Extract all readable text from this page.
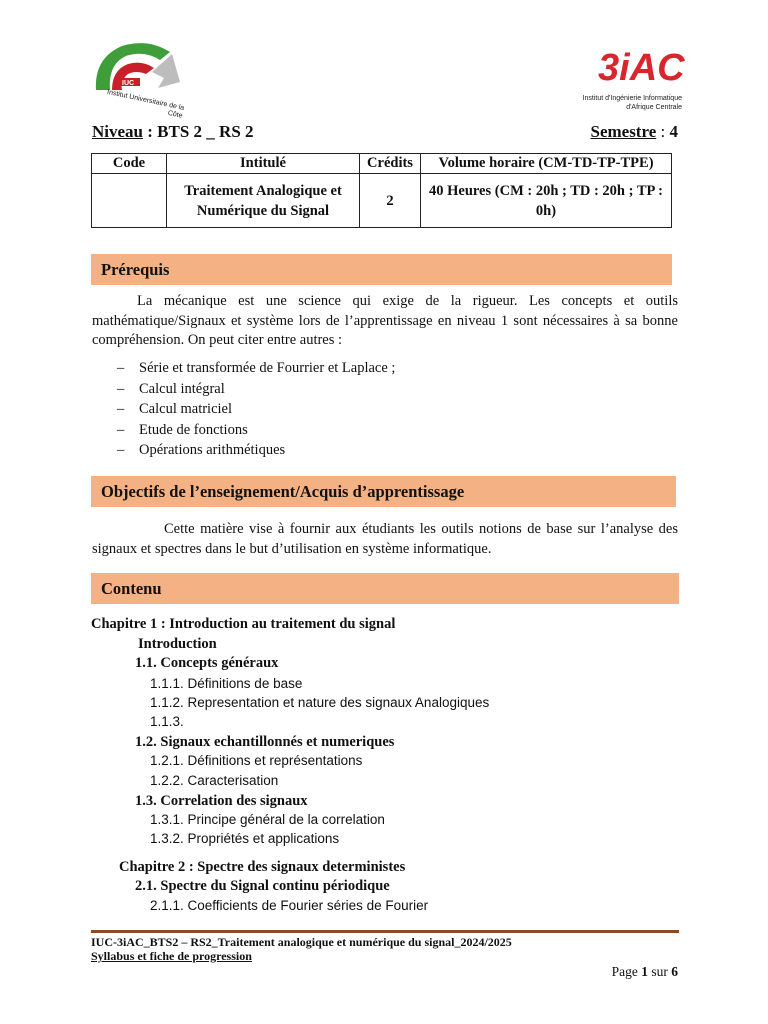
IUC
Institut Universitaire de la Côte
3iAC
Institut d'Ingénierie Informatique
d'Afrique Centrale
Niveau : BTS 2 _ RS 2	Semestre : 4
Code	Intitulé	Crédits	Volume horaire (CM-TD-TP-TPE)
	Traitement Analogique et Numérique du Signal	2	40 Heures (CM : 20h ; TD : 20h ; TP : 0h)
Prérequis
La mécanique est une science qui exige de la rigueur. Les concepts et outils mathématique/Signaux et système lors de l’apprentissage en niveau 1 sont nécessaires à sa bonne compréhension. On peut citer entre autres :
– Série et transformée de Fourrier et Laplace ;
– Calcul intégral
– Calcul matriciel
– Etude de fonctions
– Opérations arithmétiques
Objectifs de l’enseignement/Acquis d’apprentissage
Cette matière vise à fournir aux étudiants les outils notions de base sur l’analyse des signaux et spectres dans le but d’utilisation en système informatique.
Contenu
Chapitre 1 : Introduction au traitement du signal
Introduction
1.1. Concepts généraux
1.1.1. Définitions de base
1.1.2. Representation et nature des signaux Analogiques
1.1.3.
1.2. Signaux echantillonnés et numeriques
1.2.1. Définitions et représentations
1.2.2. Caracterisation
1.3. Correlation des signaux
1.3.1. Principe général de la correlation
1.3.2. Propriétés et applications
Chapitre 2 : Spectre des signaux deterministes
2.1. Spectre du Signal continu périodique
2.1.1. Coefficients de Fourier séries de Fourier
IUC-3iAC_BTS2 – RS2_Traitement analogique et numérique du signal_2024/2025
Syllabus et fiche de progression
Page 1 sur 6
